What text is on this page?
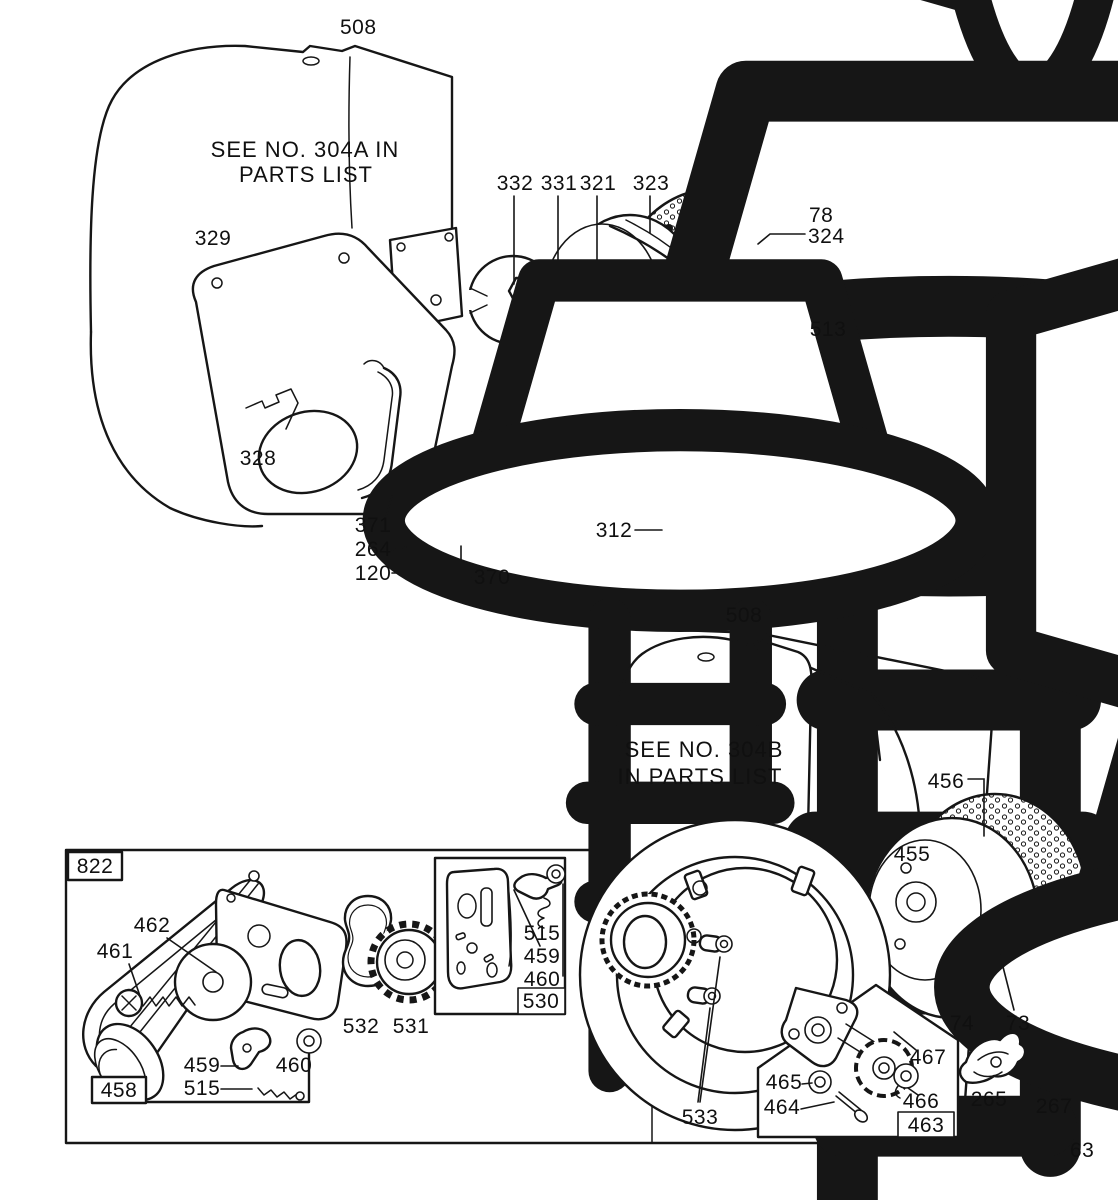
SEE NO. 304A IN
PARTS LIST
508
329
328
332 331 321 323
78
324
513
312
371
264
120	370
SEE NO. 304B
IN PARTS LIST
508
456
455
74 73
822
462
461
459	460
515
458
532 531
515
459
460
530
533
465
464
467
466
463
265 267
63
